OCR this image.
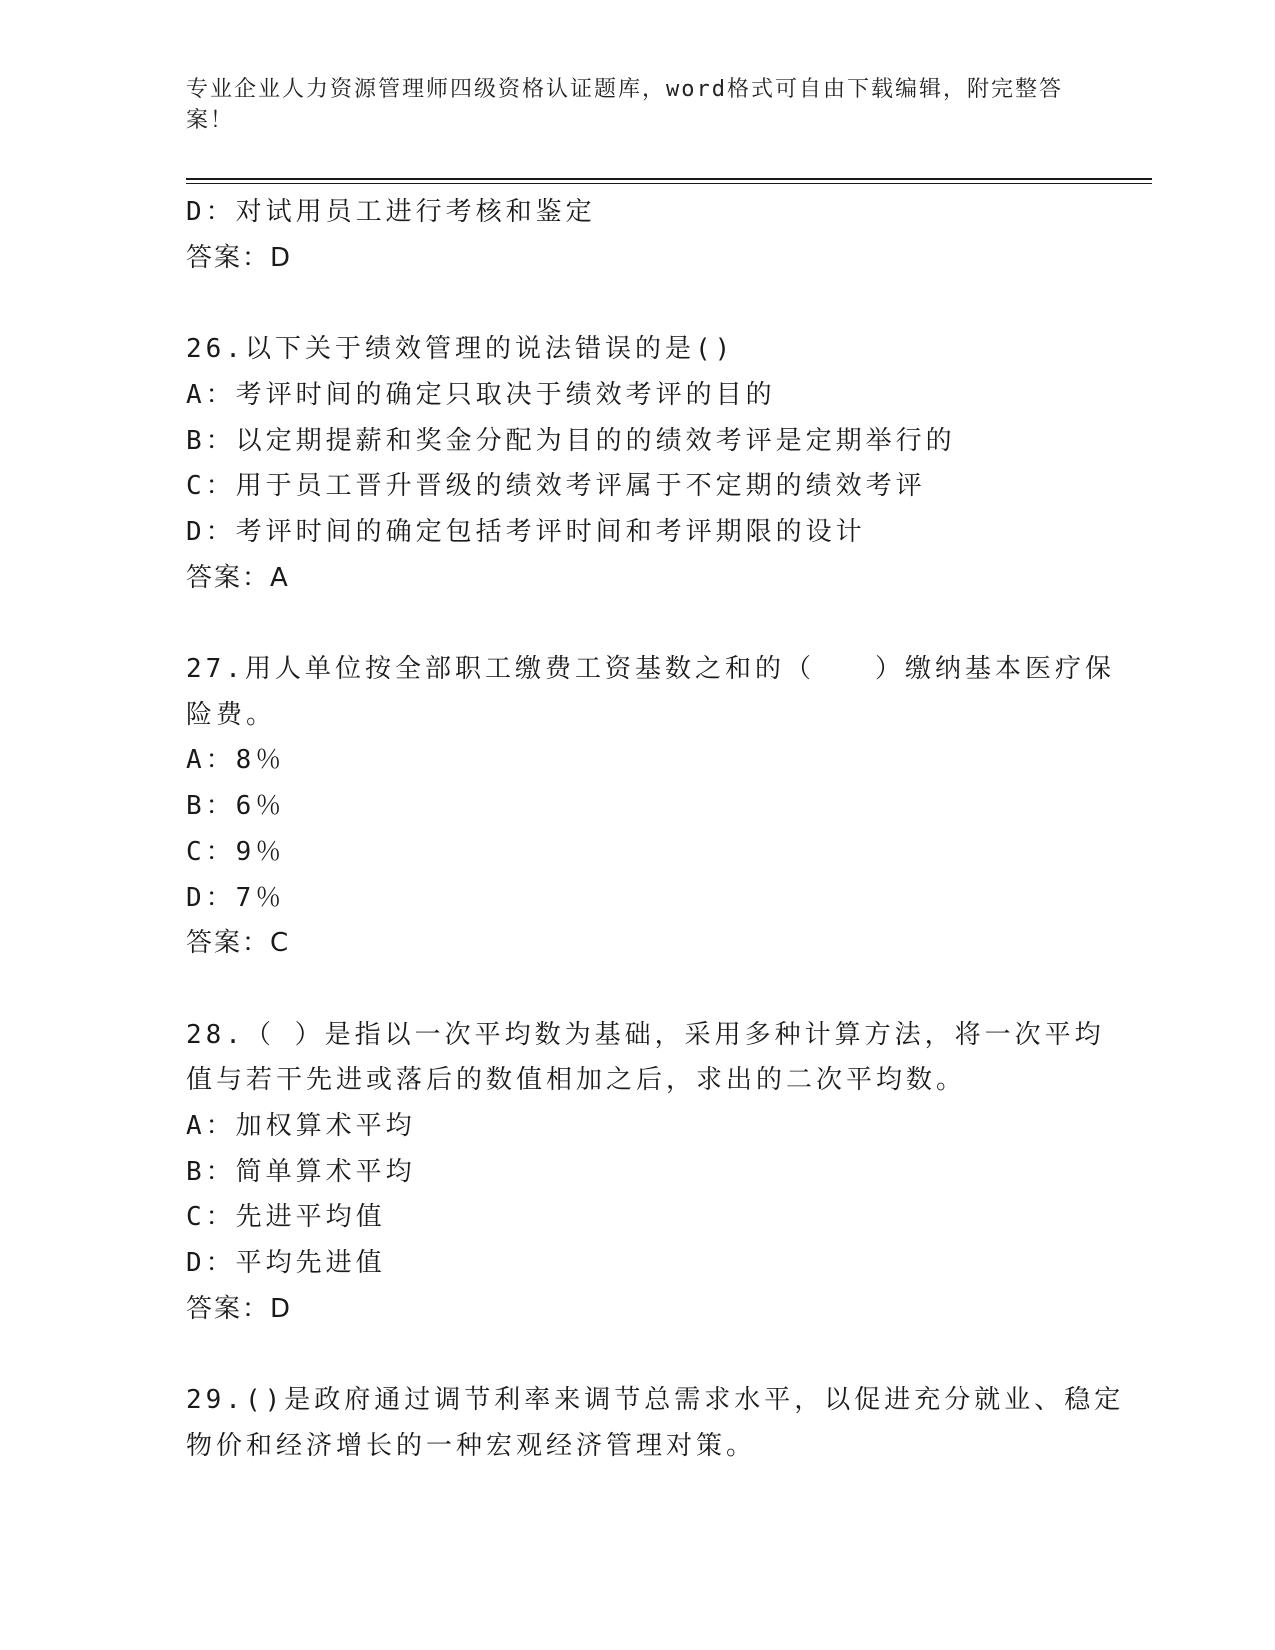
专业企业人力资源管理师四级资格认证题库，word格式可自由下载编辑，附完整答案！
D：对试用员工进行考核和鉴定
答案：D
26.以下关于绩效管理的说法错误的是()
A：考评时间的确定只取决于绩效考评的目的
B：以定期提薪和奖金分配为目的的绩效考评是定期举行的
C：用于员工晋升晋级的绩效考评属于不定期的绩效考评
D：考评时间的确定包括考评时间和考评期限的设计
答案：A
27.用人单位按全部职工缴费工资基数之和的（　　）缴纳基本医疗保
险费。
A：8％
B：6％
C：9％
D：7％
答案：C
28.（ ）是指以一次平均数为基础，采用多种计算方法，将一次平均
值与若干先进或落后的数值相加之后，求出的二次平均数。
A：加权算术平均
B：简单算术平均
C：先进平均值
D：平均先进值
答案：D
29.()是政府通过调节利率来调节总需求水平，以促进充分就业、稳定
物价和经济增长的一种宏观经济管理对策。
